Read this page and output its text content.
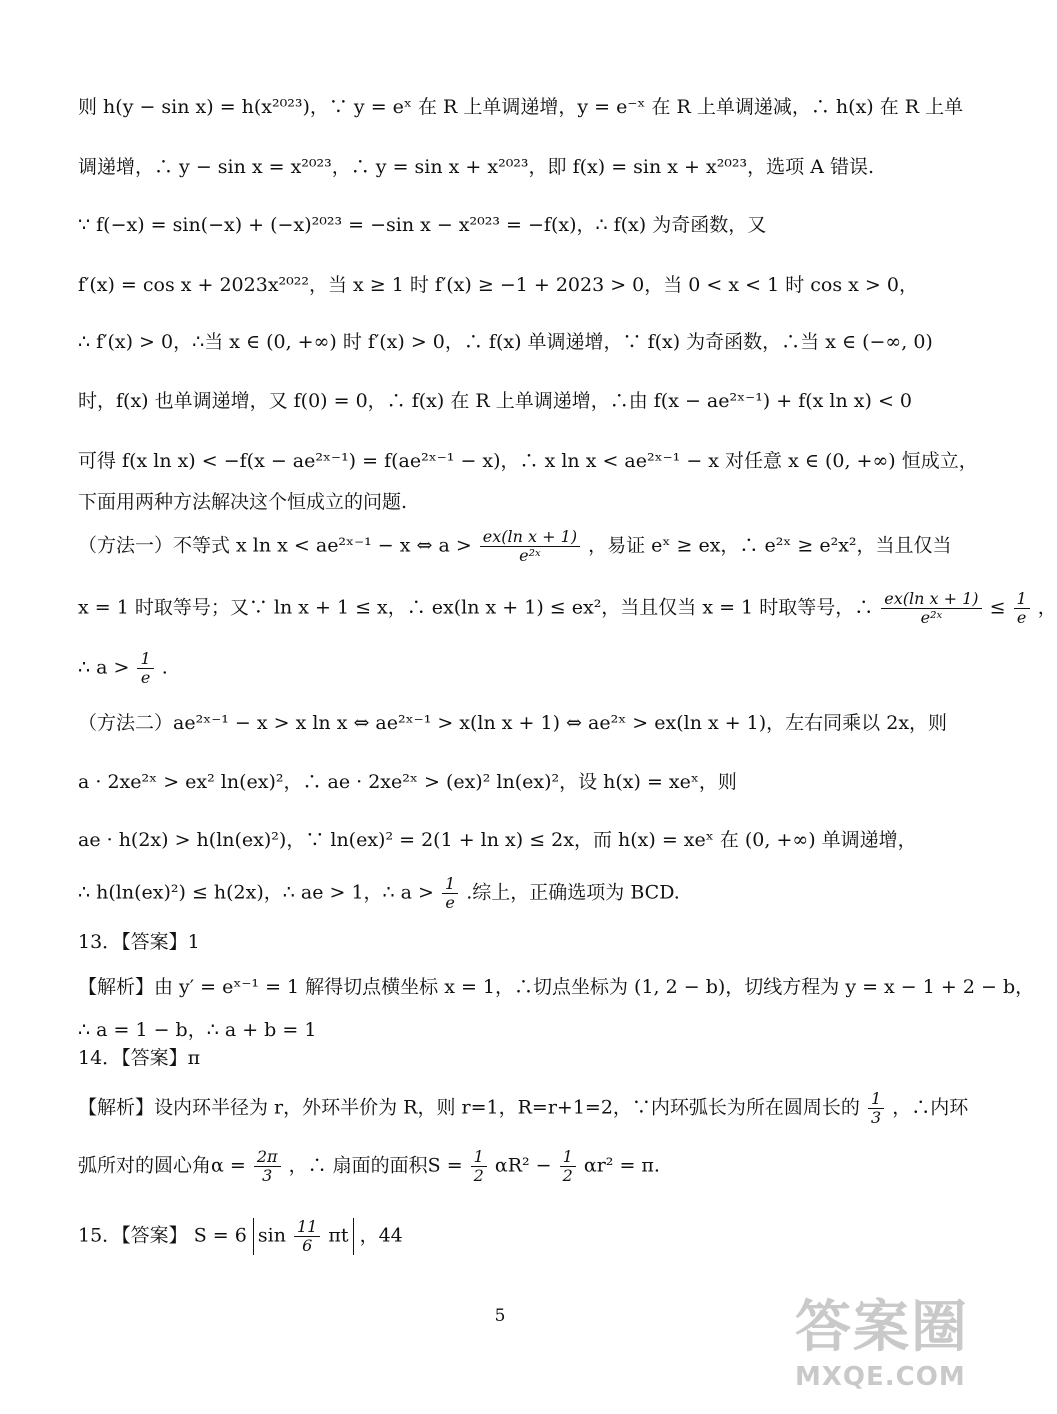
则 h(y − sin x) = h(x²⁰²³)，∵ y = eˣ 在 R 上单调递增，y = e⁻ˣ 在 R 上单调递减，∴ h(x) 在 R 上单
调递增，∴ y − sin x = x²⁰²³，∴ y = sin x + x²⁰²³，即 f(x) = sin x + x²⁰²³，选项 A 错误.
∵ f(−x) = sin(−x) + (−x)²⁰²³ = −sin x − x²⁰²³ = −f(x)，∴ f(x) 为奇函数，又
f′(x) = cos x + 2023x²⁰²²，当 x ≥ 1 时 f′(x) ≥ −1 + 2023 > 0，当 0 < x < 1 时 cos x > 0，
∴ f′(x) > 0，∴当 x ∈ (0, +∞) 时 f′(x) > 0，∴ f(x) 单调递增，∵ f(x) 为奇函数，∴当 x ∈ (−∞, 0)
时，f(x) 也单调递增，又 f(0) = 0，∴ f(x) 在 R 上单调递增，∴由 f(x − ae²ˣ⁻¹) + f(x ln x) < 0
可得 f(x ln x) < −f(x − ae²ˣ⁻¹) = f(ae²ˣ⁻¹ − x)，∴ x ln x < ae²ˣ⁻¹ − x 对任意 x ∈ (0, +∞) 恒成立，
下面用两种方法解决这个恒成立的问题.
（方法一）不等式 x ln x < ae²ˣ⁻¹ − x ⇔ $a > \frac{\text{ex(ln x + 1)}}{\text{e²ˣ}}$ ，易证 eˣ ≥ ex，∴ e²ˣ ≥ e²x²，当且仅当
x = 1 时取等号；又∵ ln x + 1 ≤ x，∴ ex(ln x + 1) ≤ ex²，当且仅当 x = 1 时取等号，∴ $\frac{\text{ex(ln x + 1)}}{\text{e²ˣ}} \le \frac{1}{e}$ ，
∴ $a > \frac{1}{e}$ .
（方法二）ae²ˣ⁻¹ − x > x ln x ⇔ ae²ˣ⁻¹ > x(ln x + 1) ⇔ ae²ˣ > ex(ln x + 1)，左右同乘以 2x，则
a · 2xe²ˣ > ex² ln(ex)²，∴ ae · 2xe²ˣ > (ex)² ln(ex)²，设 h(x) = xeˣ，则
ae · h(2x) > h(ln(ex)²)，∵ ln(ex)² = 2(1 + ln x) ≤ 2x，而 h(x) = xeˣ 在 (0, +∞) 单调递增，
∴ h(ln(ex)²) ≤ h(2x)，∴ ae > 1，∴ $a > \frac{1}{e}$ .综上，正确选项为 BCD.
13．【答案】1
【解析】由 y′ = eˣ⁻¹ = 1 解得切点横坐标 x = 1，∴切点坐标为 (1, 2 − b)，切线方程为 y = x − 1 + 2 − b，
∴ a = 1 − b，∴ a + b = 1
14．【答案】π
【解析】设内环半径为 r，外环半价为 R，则 r=1，R=r+1=2，∵内环弧长为所在圆周长的 $\frac{1}{3}$ ，∴内环
弧所对的圆心角$\alpha = \frac{2\pi}{3}$ ，∴ 扇面的面积$S = \frac{1}{2} \alpha R^2 - \frac{1}{2} \alpha r^2 = \pi$.
15．【答案】 S = 6 $\sin \frac{11}{6}$ πt ，44
5	答案圈
MXQE.COM
